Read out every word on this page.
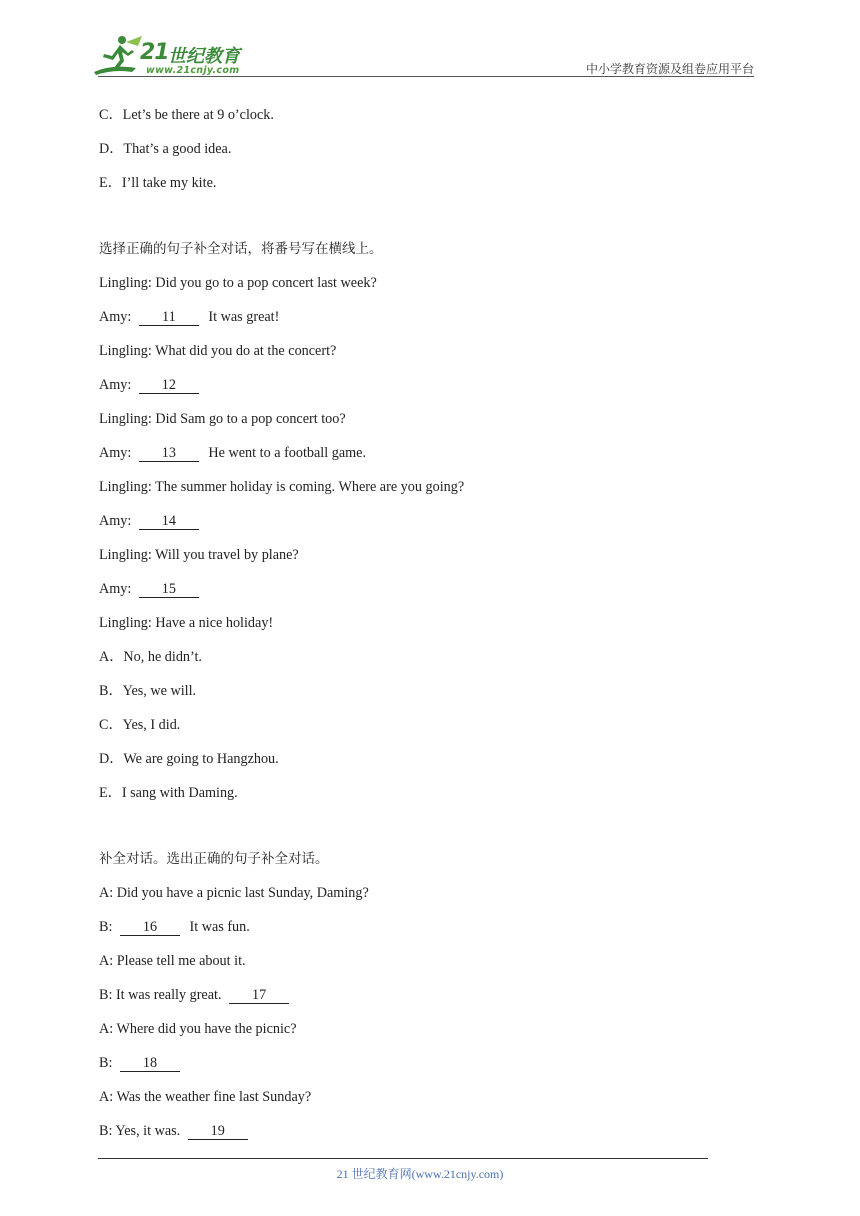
21 世纪教育
www.21cnjy.com	中小学教育资源及组卷应用平台
C．Let’s be there at 9 o’clock.
D．That’s a good idea.
E．I’ll take my kite.
选择正确的句子补全对话，将番号写在横线上。
Lingling: Did you go to a pop concert last week?
Amy: 11 It was great!
Lingling: What did you do at the concert?
Amy: 12
Lingling: Did Sam go to a pop concert too?
Amy: 13 He went to a football game.
Lingling: The summer holiday is coming. Where are you going?
Amy: 14
Lingling: Will you travel by plane?
Amy: 15
Lingling: Have a nice holiday!
A．No, he didn’t.
B．Yes, we will.
C．Yes, I did.
D．We are going to Hangzhou.
E．I sang with Daming.
补全对话。选出正确的句子补全对话。
A: Did you have a picnic last Sunday, Daming?
B: 16 It was fun.
A: Please tell me about it.
B: It was really great. 17
A: Where did you have the picnic?
B: 18
A: Was the weather fine last Sunday?
B: Yes, it was. 19
21 世纪教育网(www.21cnjy.com)
